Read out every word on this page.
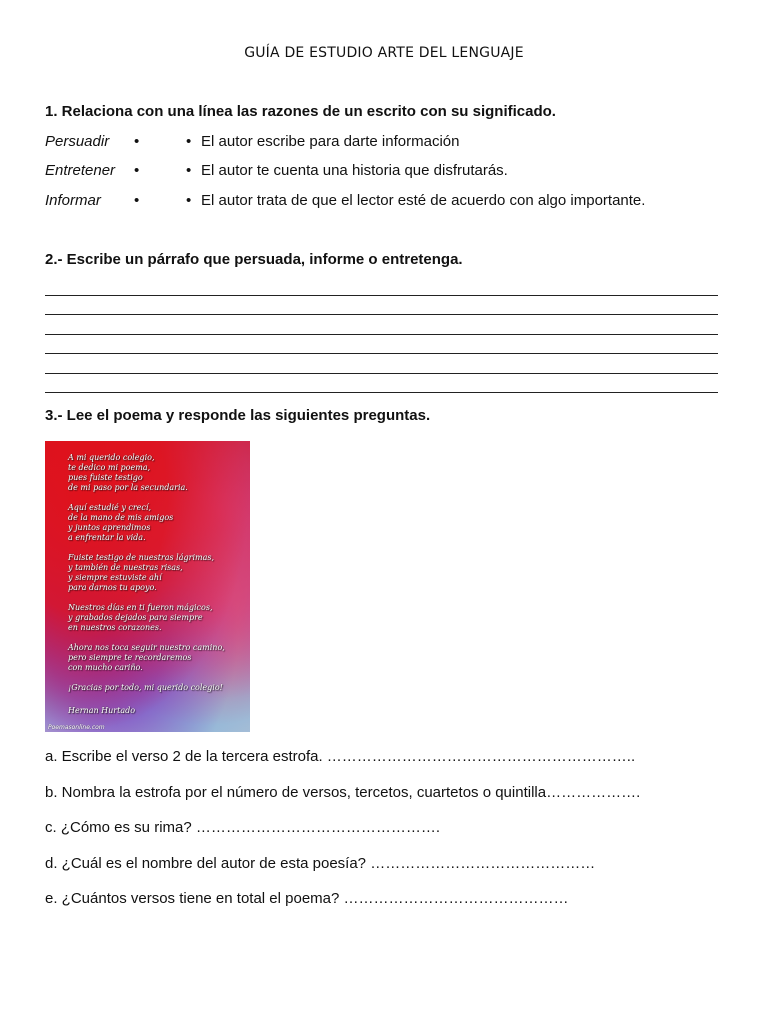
GUÍA DE ESTUDIO ARTE DEL LENGUAJE
1. Relaciona con una línea las razones de un escrito con su significado.
Persuadir •	• El autor escribe para darte información
Entretener •	• El autor te cuenta una historia que disfrutarás.
Informar •	• El autor trata de que el lector esté de acuerdo con algo importante.
2.- Escribe un párrafo que persuada, informe o entretenga.
3.- Lee el poema y responde las siguientes preguntas.
A mi querido colegio,
te dedico mi poema,
pues fuiste testigo
de mi paso por la secundaria.
Aquí estudié y crecí,
de la mano de mis amigos
y juntos aprendimos
a enfrentar la vida.
Fuiste testigo de nuestras lágrimas,
y también de nuestras risas,
y siempre estuviste ahí
para darnos tu apoyo.
Nuestros días en ti fueron mágicos,
y grabados dejados para siempre
en nuestros corazones.
Ahora nos toca seguir nuestro camino,
pero siempre te recordaremos
con mucho cariño.
¡Gracias por todo, mi querido colegio!
Hernan Hurtado
Poemasonline.com
a. Escribe el verso 2 de la tercera estrofa. ……………………………………………………..
b. Nombra la estrofa por el número de versos, tercetos, cuartetos o quintilla……………….
c. ¿Cómo es su rima? ………………………………………….
d. ¿Cuál es el nombre del autor de esta poesía? ………………………………………
e. ¿Cuántos versos tiene en total el poema? ………………………………………
